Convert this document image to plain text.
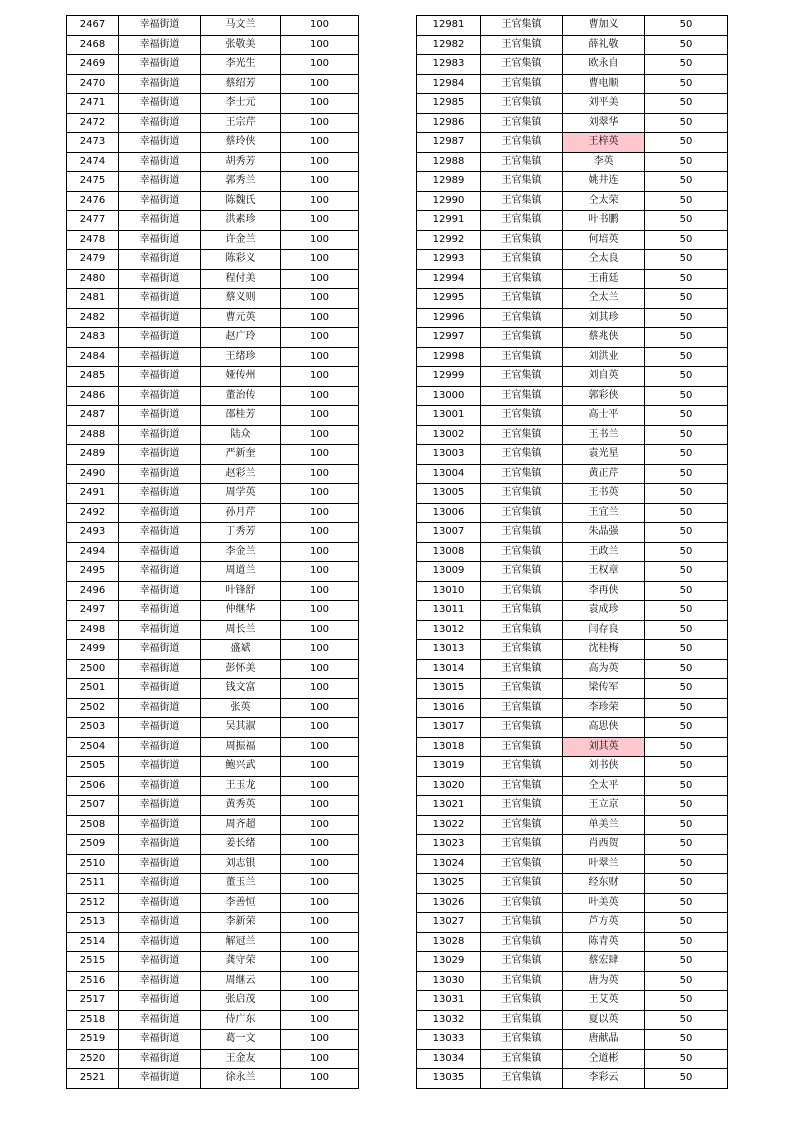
2467	幸福街道	马文兰	100
2468	幸福街道	张敬美	100
2469	幸福街道	李光生	100
2470	幸福街道	蔡绍芳	100
2471	幸福街道	李士元	100
2472	幸福街道	王宗芹	100
2473	幸福街道	蔡玲侠	100
2474	幸福街道	胡秀芳	100
2475	幸福街道	郭秀兰	100
2476	幸福街道	陈魏氏	100
2477	幸福街道	洪素珍	100
2478	幸福街道	许金兰	100
2479	幸福街道	陈彩义	100
2480	幸福街道	程付美	100
2481	幸福街道	蔡义则	100
2482	幸福街道	曹元英	100
2483	幸福街道	赵广玲	100
2484	幸福街道	王绪珍	100
2485	幸福街道	娅传州	100
2486	幸福街道	董治传	100
2487	幸福街道	邵桂芳	100
2488	幸福街道	陆众	100
2489	幸福街道	严新奎	100
2490	幸福街道	赵彩兰	100
2491	幸福街道	周学英	100
2492	幸福街道	孙月芹	100
2493	幸福街道	丁秀芳	100
2494	幸福街道	李金兰	100
2495	幸福街道	周道兰	100
2496	幸福街道	叶锋舒	100
2497	幸福街道	仲继华	100
2498	幸福街道	周长兰	100
2499	幸福街道	盛斌	100
2500	幸福街道	彭怀美	100
2501	幸福街道	钱文富	100
2502	幸福街道	张英	100
2503	幸福街道	吴其淑	100
2504	幸福街道	周振福	100
2505	幸福街道	鲍兴武	100
2506	幸福街道	王玉龙	100
2507	幸福街道	黄秀英	100
2508	幸福街道	周齐超	100
2509	幸福街道	姜长绪	100
2510	幸福街道	刘志银	100
2511	幸福街道	董玉兰	100
2512	幸福街道	李善恒	100
2513	幸福街道	李新荣	100
2514	幸福街道	解冠兰	100
2515	幸福街道	龚守荣	100
2516	幸福街道	周继云	100
2517	幸福街道	张启茂	100
2518	幸福街道	侍广东	100
2519	幸福街道	葛一文	100
2520	幸福街道	王金友	100
2521	幸福街道	徐永兰	100
12981	王官集镇	曹加义	50
12982	王官集镇	薛礼敬	50
12983	王官集镇	欧永自	50
12984	王官集镇	曹电顺	50
12985	王官集镇	刘平美	50
12986	王官集镇	刘翠华	50
12987	王官集镇	王梓英	50
12988	王官集镇	李英	50
12989	王官集镇	姚井连	50
12990	王官集镇	仝太荣	50
12991	王官集镇	叶书鹏	50
12992	王官集镇	何培英	50
12993	王官集镇	仝太良	50
12994	王官集镇	王甫廷	50
12995	王官集镇	仝太兰	50
12996	王官集镇	刘其珍	50
12997	王官集镇	蔡兆侠	50
12998	王官集镇	刘洪业	50
12999	王官集镇	刘自英	50
13000	王官集镇	郭彩侠	50
13001	王官集镇	高士平	50
13002	王官集镇	王书兰	50
13003	王官集镇	袁光星	50
13004	王官集镇	黄正芹	50
13005	王官集镇	王书英	50
13006	王官集镇	王宜兰	50
13007	王官集镇	朱晶强	50
13008	王官集镇	王政兰	50
13009	王官集镇	王权章	50
13010	王官集镇	李再侠	50
13011	王官集镇	袁成珍	50
13012	王官集镇	闫存良	50
13013	王官集镇	沈桂梅	50
13014	王官集镇	高为英	50
13015	王官集镇	梁传军	50
13016	王官集镇	李珍荣	50
13017	王官集镇	高思侠	50
13018	王官集镇	刘其英	50
13019	王官集镇	刘书侠	50
13020	王官集镇	仝太平	50
13021	王官集镇	王立京	50
13022	王官集镇	单美兰	50
13023	王官集镇	肖西贺	50
13024	王官集镇	叶翠兰	50
13025	王官集镇	经东财	50
13026	王官集镇	叶美英	50
13027	王官集镇	芦方英	50
13028	王官集镇	陈青英	50
13029	王官集镇	蔡宏肆	50
13030	王官集镇	唐为英	50
13031	王官集镇	王艾英	50
13032	王官集镇	夏以英	50
13033	王官集镇	唐献晶	50
13034	王官集镇	仝道彬	50
13035	王官集镇	李彩云	50
